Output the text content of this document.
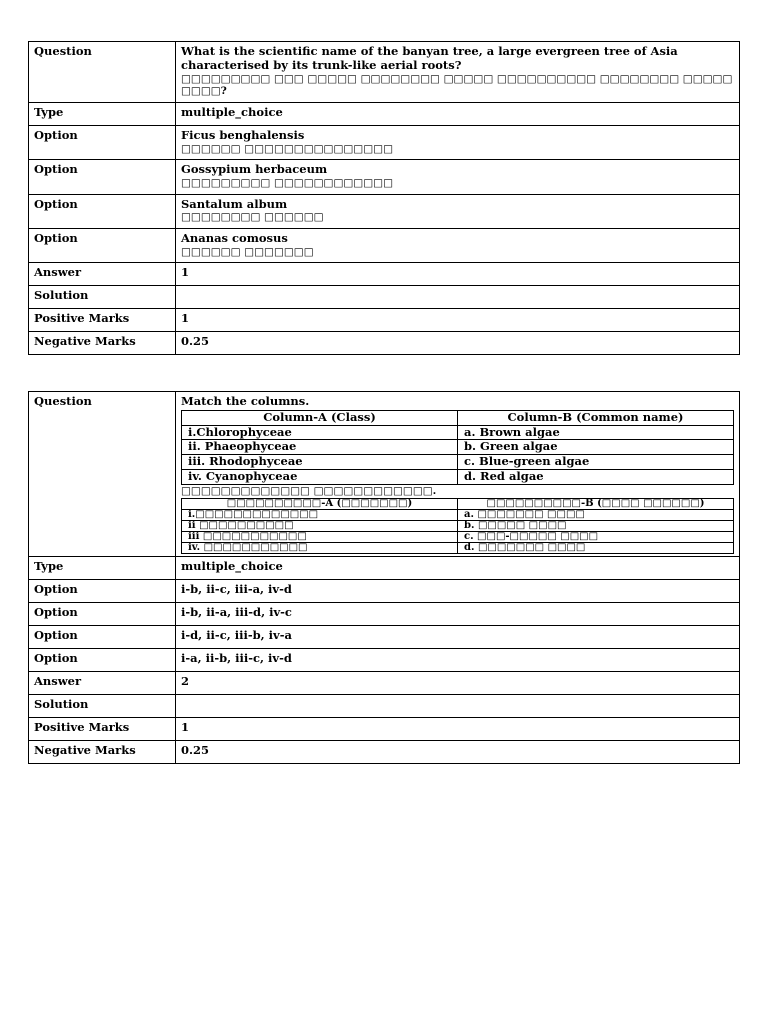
Question	What is the scientific name of the banyan tree, a large evergreen tree of Asia characterised by its trunk-like aerial roots?
□□□□□□□□□ □□□ □□□□□ □□□□□□□□ □□□□□ □□□□□□□□□□ □□□□□□□□ □□□□□ □□□□?

Type	multiple_choice
Option	Ficus benghalensis
□□□□□□ □□□□□□□□□□□□□□□

Option	Gossypium herbaceum
□□□□□□□□□ □□□□□□□□□□□□

Option	Santalum album
□□□□□□□□ □□□□□□

Option	Ananas comosus
□□□□□□ □□□□□□□

Answer	1
Solution	
Positive Marks	1
Negative Marks	0.25
Question	Match the columns.
Column-A (Class)	Column-B (Common name)
i.Chlorophyceae	a. Brown algae
ii. Phaeophyceae	b. Green algae
iii. Rhodophyceae	c. Blue-green algae
iv. Cyanophyceae	d. Red algae
□□□□□□□□□□□□□ □□□□□□□□□□□□.
□□□□□□□□□□-A (□□□□□□□)	□□□□□□□□□□-B (□□□□ □□□□□□)
i.□□□□□□□□□□□□□	a. □□□□□□□ □□□□
ii □□□□□□□□□□	b. □□□□□ □□□□
iii □□□□□□□□□□□	c. □□□-□□□□□ □□□□
iv. □□□□□□□□□□□	d. □□□□□□□ □□□□

Type	multiple_choice
Option	i-b, ii-c, iii-a, iv-d
Option	i-b, ii-a, iii-d, iv-c
Option	i-d, ii-c, iii-b, iv-a
Option	i-a, ii-b, iii-c, iv-d
Answer	2
Solution	
Positive Marks	1
Negative Marks	0.25
